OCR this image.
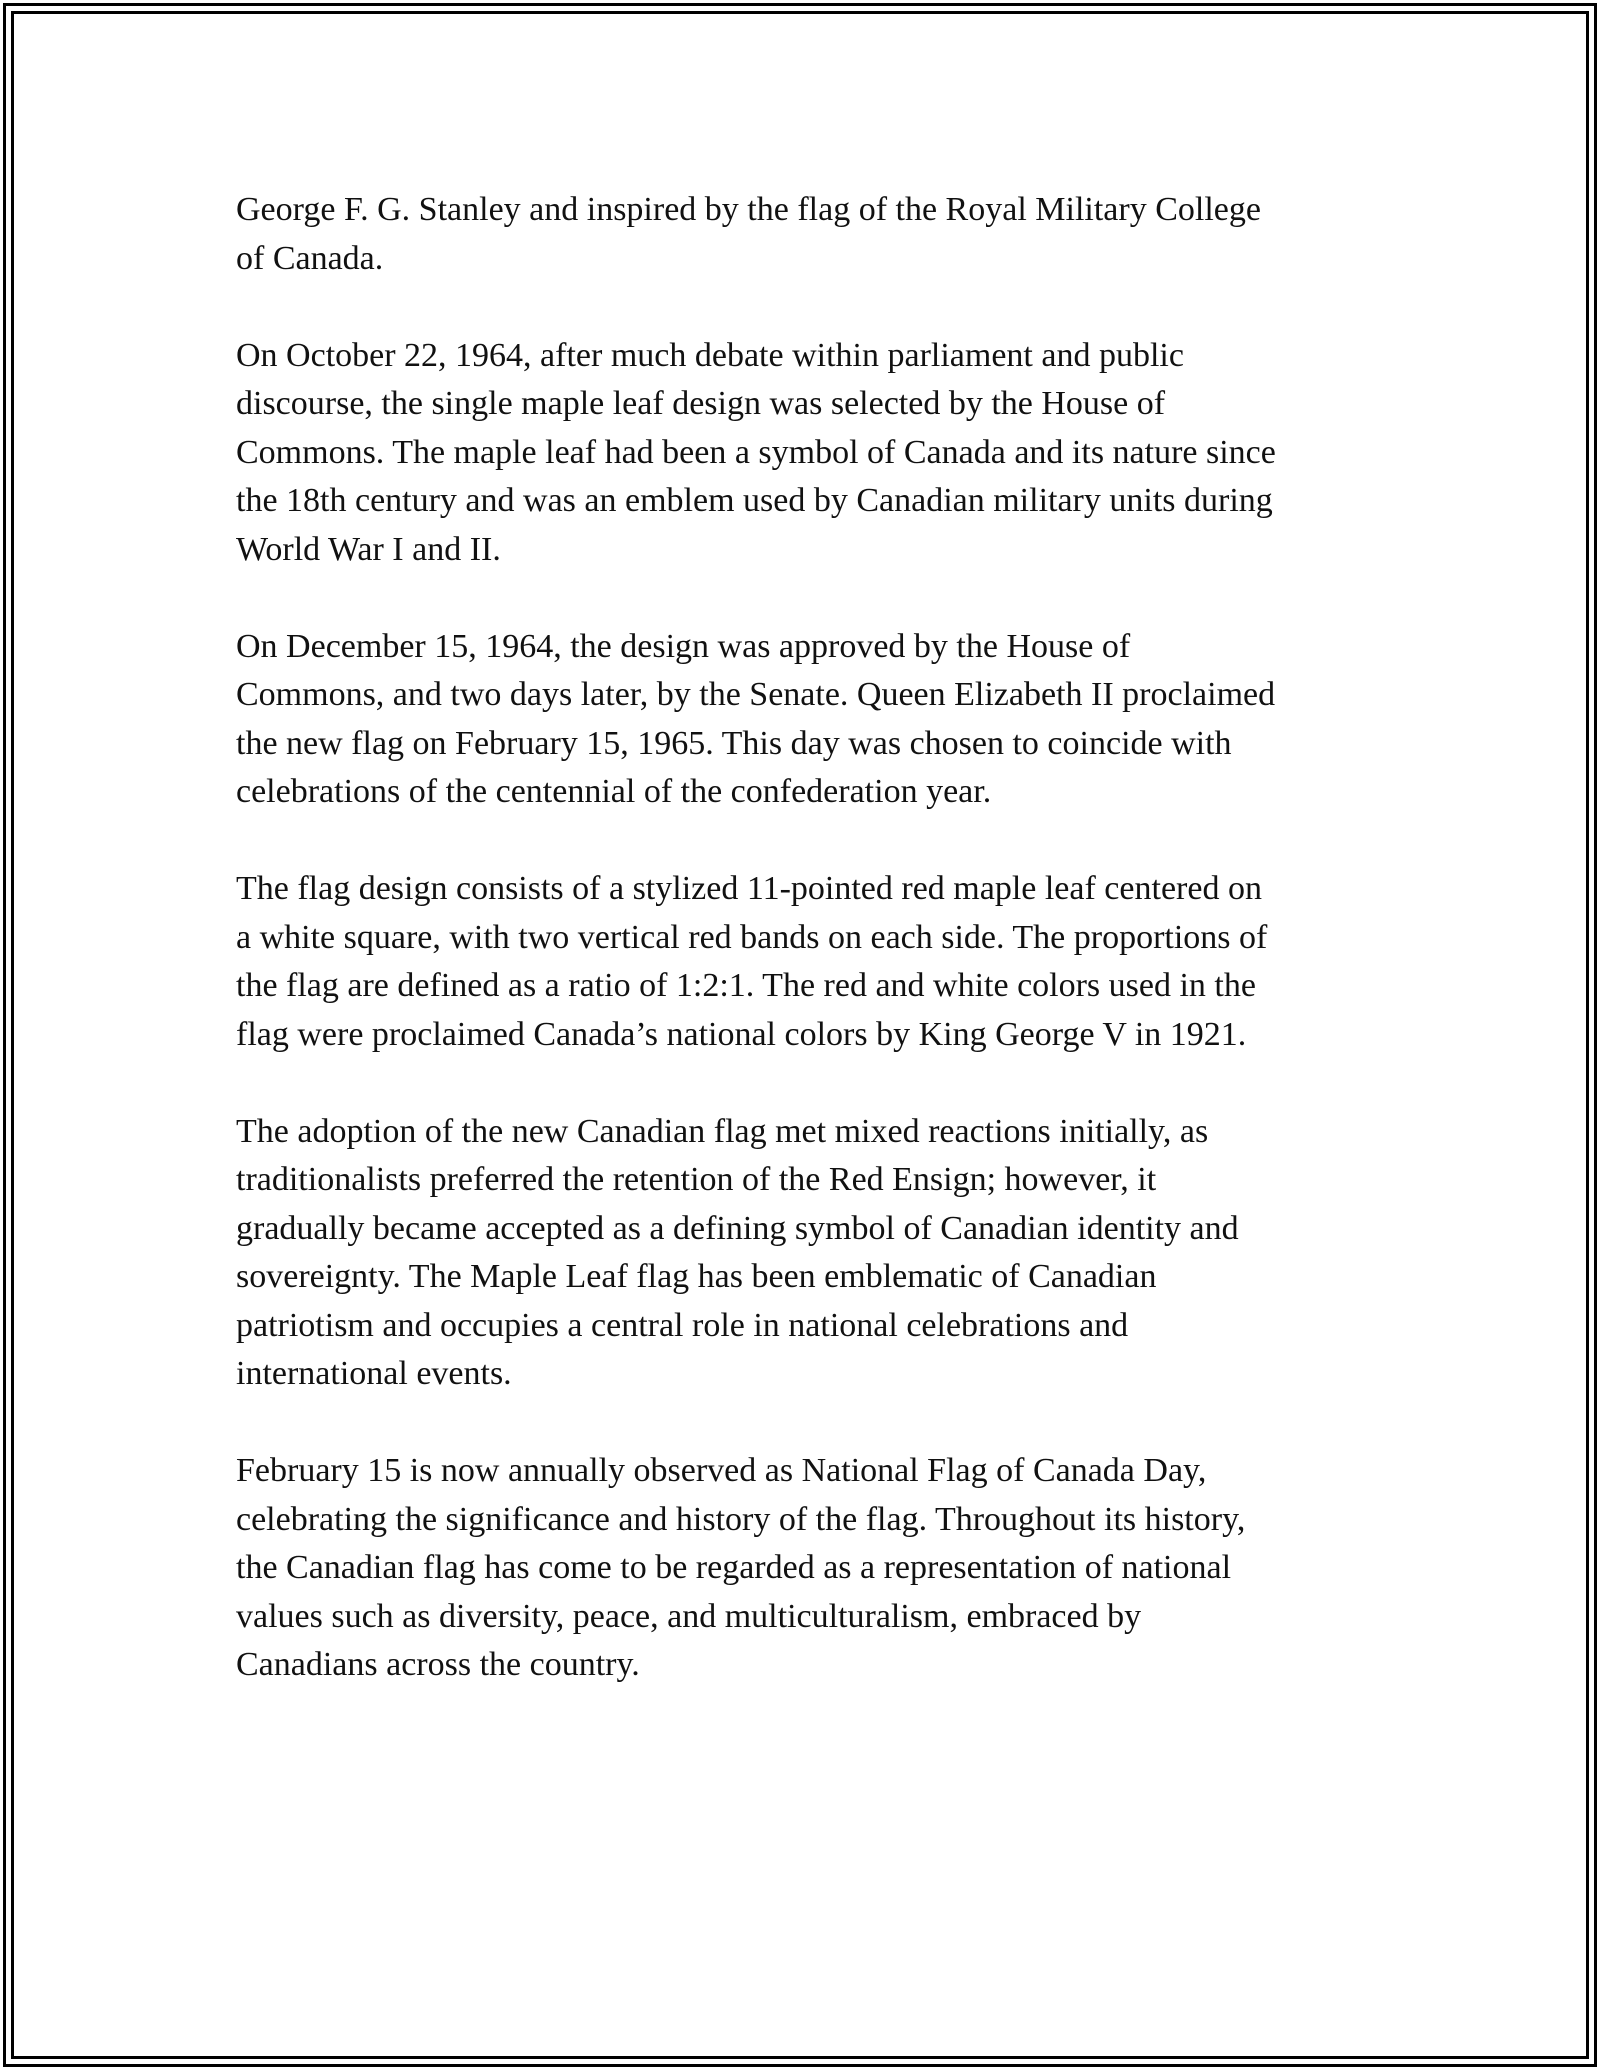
George F. G. Stanley and inspired by the flag of the Royal Military College
of Canada.

On October 22, 1964, after much debate within parliament and public
discourse, the single maple leaf design was selected by the House of
Commons. The maple leaf had been a symbol of Canada and its nature since
the 18th century and was an emblem used by Canadian military units during
World War I and II.

On December 15, 1964, the design was approved by the House of
Commons, and two days later, by the Senate. Queen Elizabeth II proclaimed
the new flag on February 15, 1965. This day was chosen to coincide with
celebrations of the centennial of the confederation year.

The flag design consists of a stylized 11-pointed red maple leaf centered on
a white square, with two vertical red bands on each side. The proportions of
the flag are defined as a ratio of 1:2:1. The red and white colors used in the
flag were proclaimed Canada’s national colors by King George V in 1921.

The adoption of the new Canadian flag met mixed reactions initially, as
traditionalists preferred the retention of the Red Ensign; however, it
gradually became accepted as a defining symbol of Canadian identity and
sovereignty. The Maple Leaf flag has been emblematic of Canadian
patriotism and occupies a central role in national celebrations and
international events.

February 15 is now annually observed as National Flag of Canada Day,
celebrating the significance and history of the flag. Throughout its history,
the Canadian flag has come to be regarded as a representation of national
values such as diversity, peace, and multiculturalism, embraced by
Canadians across the country.
